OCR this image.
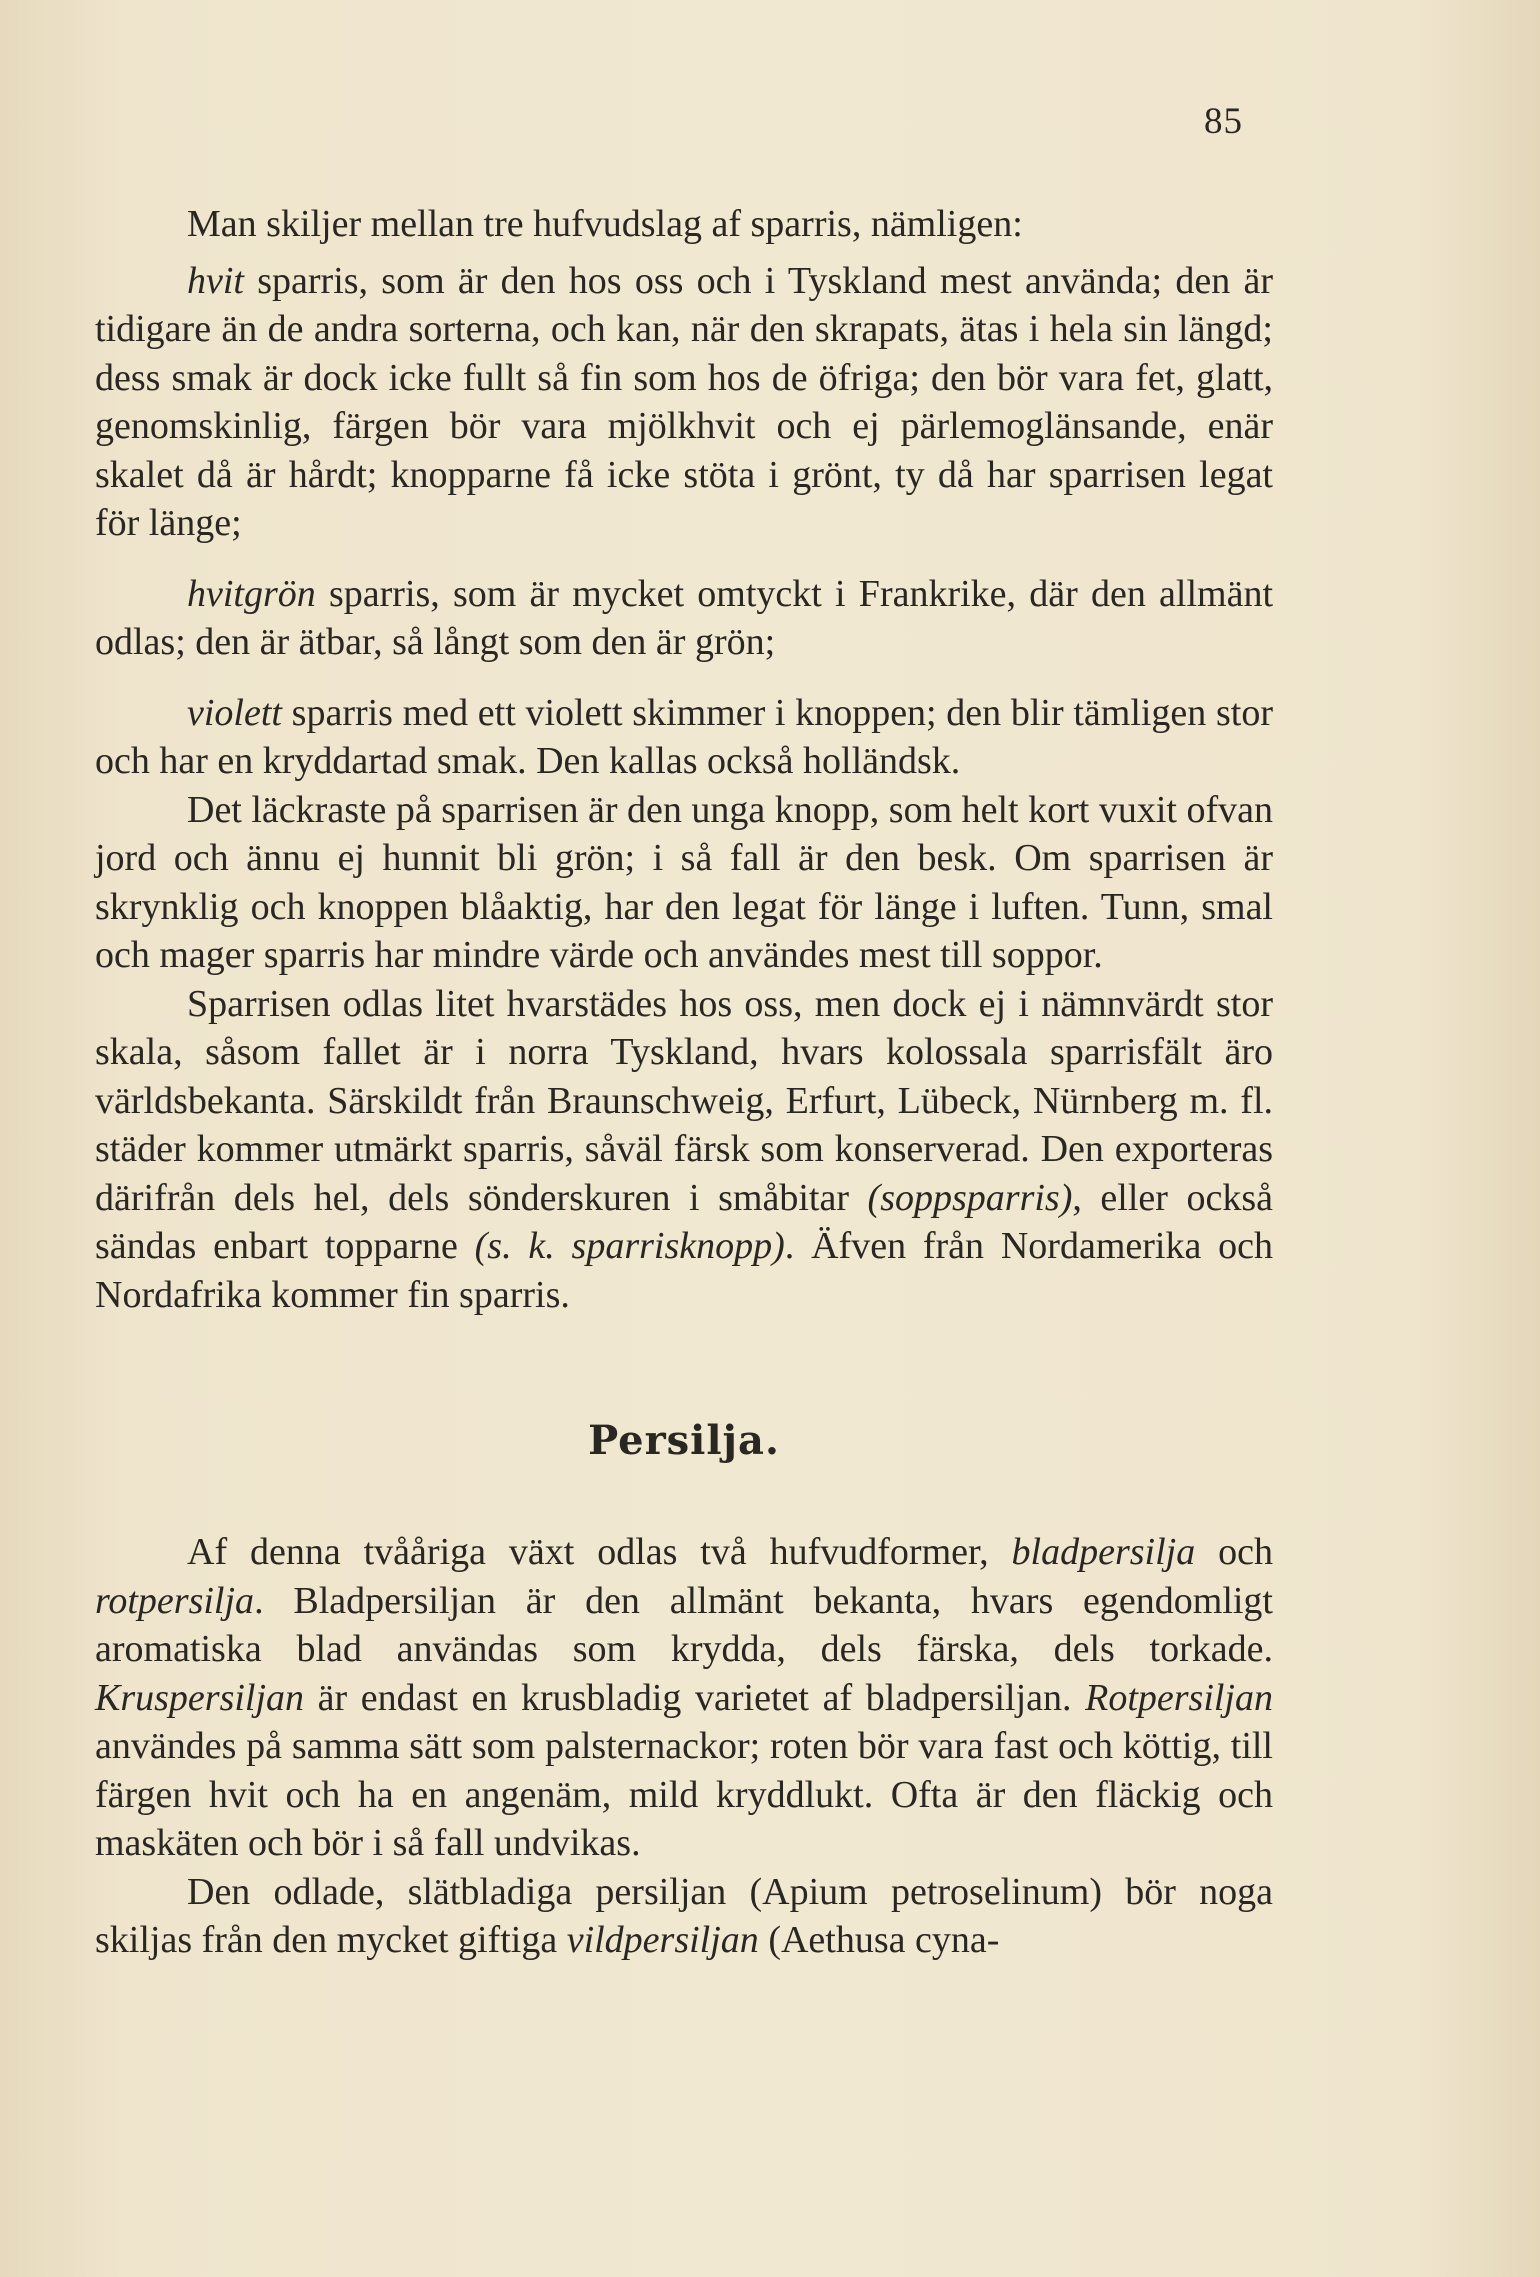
85

Man skiljer mellan tre hufvudslag af sparris, nämligen:

hvit sparris, som är den hos oss och i Tyskland mest använda; den är tidigare än de andra sorterna, och kan, när den skrapats, ätas i hela sin längd; dess smak är dock icke fullt så fin som hos de öfriga; den bör vara fet, glatt, genomskinlig, färgen bör vara mjölkhvit och ej pärlemoglänsande, enär skalet då är hårdt; knopparne få icke stöta i grönt, ty då har sparrisen legat för länge;

hvitgrön sparris, som är mycket omtyckt i Frankrike, där den allmänt odlas; den är ätbar, så långt som den är grön;

violett sparris med ett violett skimmer i knoppen; den blir tämligen stor och har en kryddartad smak. Den kallas också holländsk.

Det läckraste på sparrisen är den unga knopp, som helt kort vuxit ofvan jord och ännu ej hunnit bli grön; i så fall är den besk. Om sparrisen är skrynklig och knoppen blåaktig, har den legat för länge i luften. Tunn, smal och mager sparris har mindre värde och användes mest till soppor.

Sparrisen odlas litet hvarstädes hos oss, men dock ej i nämnvärdt stor skala, såsom fallet är i norra Tyskland, hvars kolossala sparrisfält äro världsbekanta. Särskildt från Braunschweig, Erfurt, Lübeck, Nürnberg m. fl. städer kommer utmärkt sparris, såväl färsk som konserverad. Den exporteras därifrån dels hel, dels sönderskuren i småbitar (soppsparris), eller också sändas enbart topparne (s. k. sparrisknopp). Äfven från Nordamerika och Nordafrika kommer fin sparris.

Persilja.

Af denna tvååriga växt odlas två hufvudformer, bladpersilja och rotpersilja. Bladpersiljan är den allmänt bekanta, hvars egendomligt aromatiska blad användas som krydda, dels färska, dels torkade. Kruspersiljan är endast en krusbladig varietet af bladpersiljan. Rotpersiljan användes på samma sätt som palsternackor; roten bör vara fast och köttig, till färgen hvit och ha en angenäm, mild kryddlukt. Ofta är den fläckig och maskäten och bör i så fall undvikas.

Den odlade, slätbladiga persiljan (Apium petroselinum) bör noga skiljas från den mycket giftiga vildpersiljan (Aethusa cyna-
